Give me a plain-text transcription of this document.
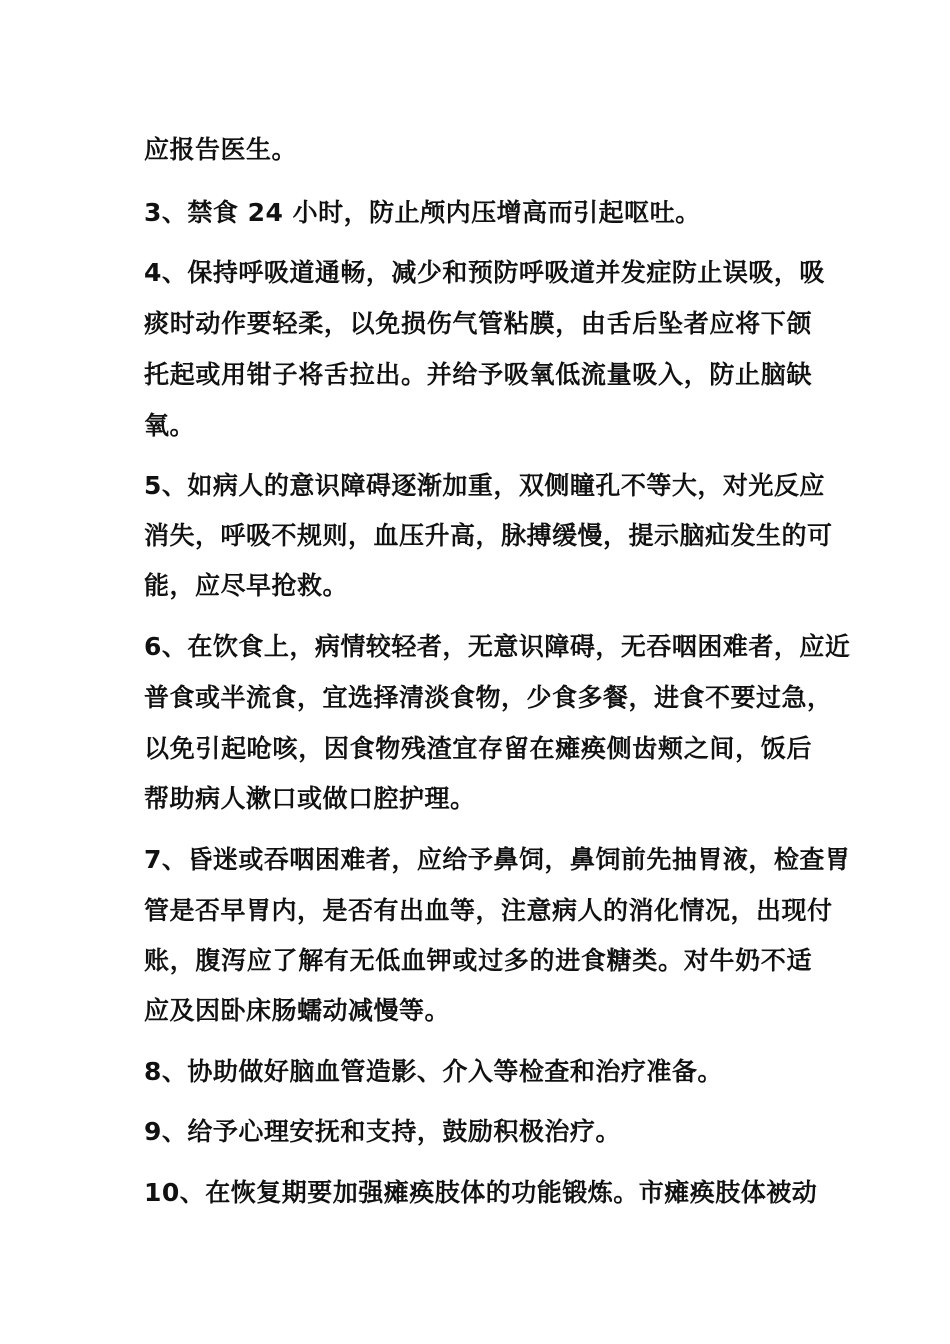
应报告医生。
3、禁食 24 小时，防止颅内压增高而引起呕吐。
4、保持呼吸道通畅，减少和预防呼吸道并发症防止误吸，吸
痰时动作要轻柔，以免损伤气管粘膜，由舌后坠者应将下颌
托起或用钳子将舌拉出。并给予吸氧低流量吸入，防止脑缺
氧。
5、如病人的意识障碍逐渐加重，双侧瞳孔不等大，对光反应
消失，呼吸不规则，血压升高，脉搏缓慢，提示脑疝发生的可
能，应尽早抢救。
6、在饮食上，病情较轻者，无意识障碍，无吞咽困难者，应近
普食或半流食，宜选择清淡食物，少食多餐，进食不要过急，
以免引起呛咳，因食物残渣宜存留在瘫痪侧齿颊之间，饭后
帮助病人漱口或做口腔护理。
7、昏迷或吞咽困难者，应给予鼻饲，鼻饲前先抽胃液，检查胃
管是否早胃内，是否有出血等，注意病人的消化情况，出现付
账，腹泻应了解有无低血钾或过多的进食糖类。对牛奶不适
应及因卧床肠蠕动减慢等。
8、协助做好脑血管造影、介入等检查和治疗准备。
9、给予心理安抚和支持，鼓励积极治疗。
10、在恢复期要加强瘫痪肢体的功能锻炼。市瘫痪肢体被动
